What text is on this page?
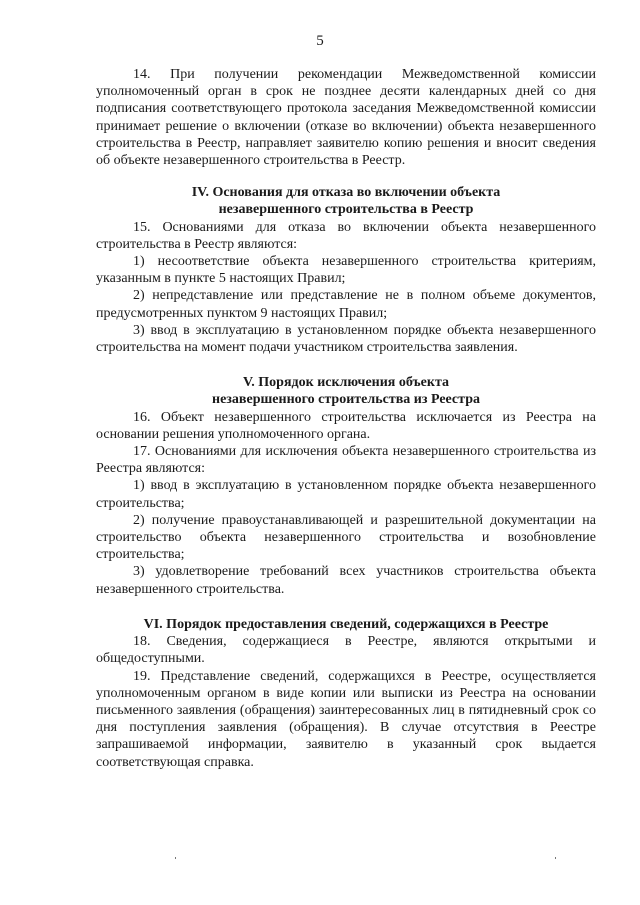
5

14. При получении рекомендации Межведомственной комиссии уполномоченный орган в срок не позднее десяти календарных дней со дня подписания соответствующего протокола заседания Межведомственной комиссии принимает решение о включении (отказе во включении) объекта незавершенного строительства в Реестр, направляет заявителю копию решения и вносит сведения об объекте незавершенного строительства в Реестр.

IV. Основания для отказа во включении объекта
незавершенного строительства в Реестр

15. Основаниями для отказа во включении объекта незавершенного строительства в Реестр являются:

1) несоответствие объекта незавершенного строительства критериям, указанным в пункте 5 настоящих Правил;

2) непредставление или представление не в полном объеме документов, предусмотренных пунктом 9 настоящих Правил;

3) ввод в эксплуатацию в установленном порядке объекта незавершенного строительства на момент подачи участником строительства заявления.

V. Порядок исключения объекта
незавершенного строительства из Реестра

16. Объект незавершенного строительства исключается из Реестра на основании решения уполномоченного органа.

17. Основаниями для исключения объекта незавершенного строительства из Реестра являются:

1) ввод в эксплуатацию в установленном порядке объекта незавершенного строительства;

2) получение правоустанавливающей и разрешительной документации на строительство объекта незавершенного строительства и возобновление строительства;

3) удовлетворение требований всех участников строительства объекта незавершенного строительства.

VI. Порядок предоставления сведений, содержащихся в Реестре

18. Сведения, содержащиеся в Реестре, являются открытыми и общедоступными.

19. Представление сведений, содержащихся в Реестре, осуществляется уполномоченным органом в виде копии или выписки из Реестра на основании письменного заявления (обращения) заинтересованных лиц в пятидневный срок со дня поступления заявления (обращения). В случае отсутствия в Реестре запрашиваемой информации, заявителю в указанный срок выдается соответствующая справка.
